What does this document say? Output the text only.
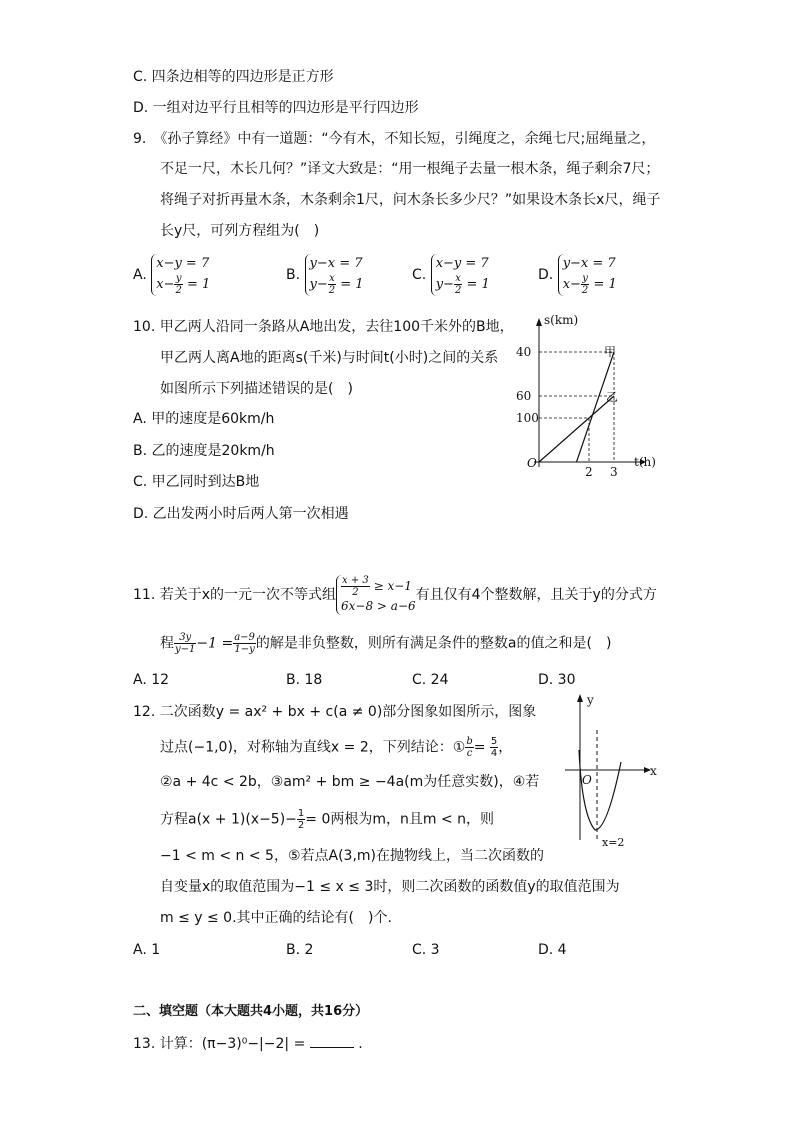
C. 四条边相等的四边形是正方形
D. 一组对边平行且相等的四边形是平行四边形
9.　《孙子算经》中有一道题：“今有木，不知长短，引绳度之，余绳七尺;屈绳量之，
不足一尺，木长几何？”译文大致是：“用一根绳子去量一根木条，绳子剩余7尺；
将绳子对折再量木条，木条剩余1尺，问木条长多少尺？”如果设木条长x尺，绳子
长y尺，可列方程组为(　)
A.
x−y = 7
$x- \frac{y}{2} = 1$
B.
y−x = 7
$y- \frac{x}{2} = 1$
C.
x−y = 7
$y- \frac{x}{2} = 1$
D.
y−x = 7
$x- \frac{y}{2} = 1$
10. 甲乙两人沿同一条路从A地出发，去往100千米外的B地，
甲乙两人离A地的距离s(千米)与时间t(小时)之间的关系
如图所示下列描述错误的是(　)
A. 甲的速度是60km/h
B. 乙的速度是20km/h
C. 甲乙同时到达B地
D. 乙出发两小时后两人第一次相遇
s(km)
t(h)
O
100
60
40
2 3
甲
乙
11. 若关于x的一元一次不等式组 $\frac{x + 3}{2} \ge x-1$
6x−8 > a−6
有且仅有4个整数解，且关于y的分式方
程 $\frac{3y}{y-1} -1 = \frac{a-9}{1-y}$ 的解是非负整数，则所有满足条件的整数a的值之和是(　)
A. 12	B. 18	C. 24	D. 30
12. 二次函数y = ax² + bx + c(a ≠ 0)部分图象如图所示，图象
过点(−1,0)，对称轴为直线x = 2，下列结论：① $\frac{b}{c} = \frac{5}{4}$ ，
②a + 4c < 2b，③am² + bm ≥ −4a(m为任意实数)，④若
方程$a(x + 1)(x-5)- \frac{1}{2} = 0$两根为m，n且m < n，则
−1 < m < n < 5，⑤若点A(3,m)在抛物线上，当二次函数的
自变量x的取值范围为−1 ≤ x ≤ 3时，则二次函数的函数值y的取值范围为
m ≤ y ≤ 0.其中正确的结论有(　)个.
A. 1	B. 2	C. 3	D. 4
y
x
O
x=2
二、填空题（本大题共4小题，共16分）
13. 计算：(π−3)⁰−|−2| =	.
